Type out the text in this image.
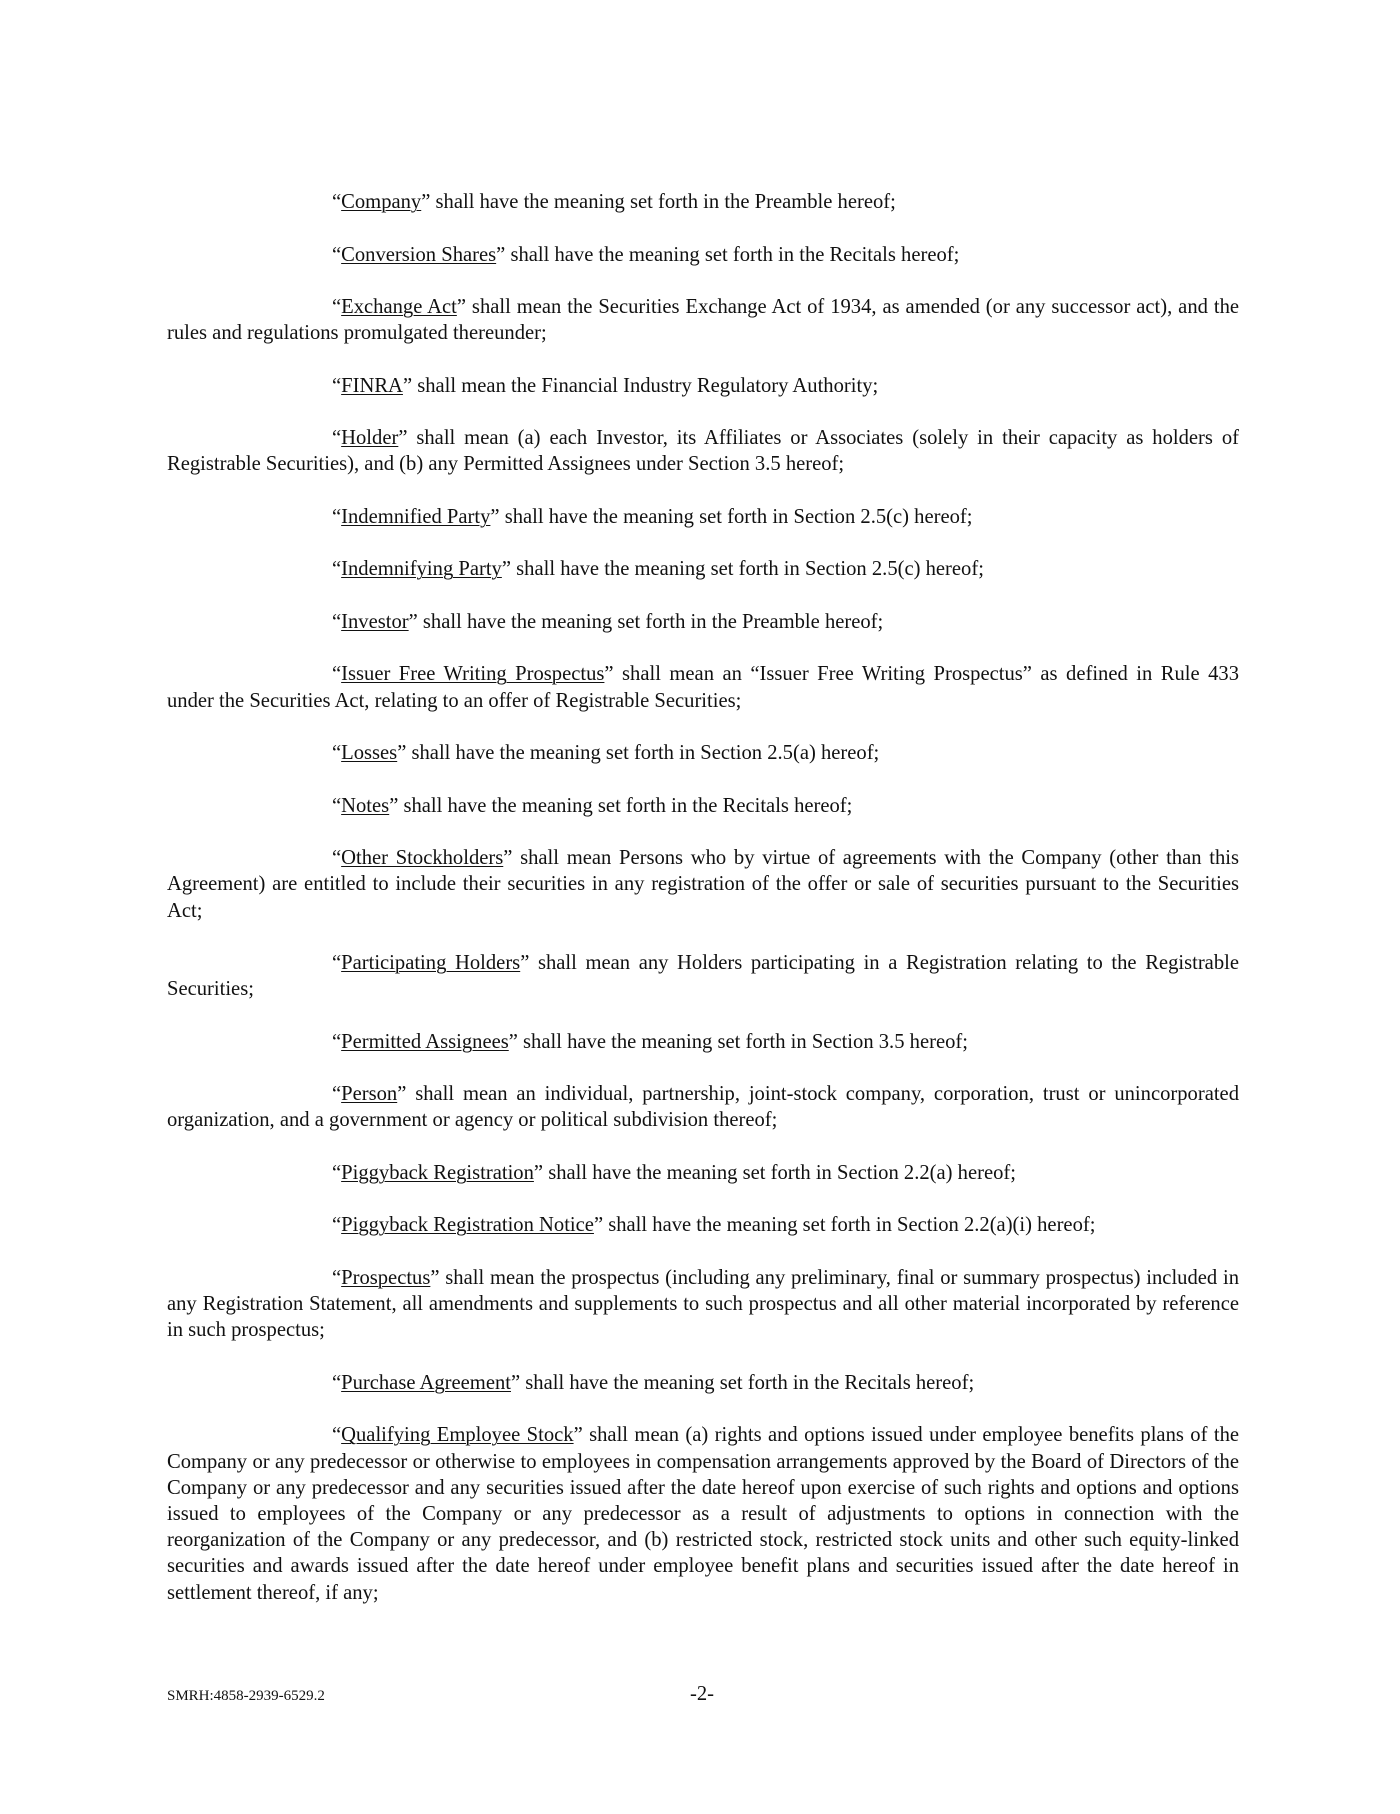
“Company” shall have the meaning set forth in the Preamble hereof;

“Conversion Shares” shall have the meaning set forth in the Recitals hereof;

“Exchange Act” shall mean the Securities Exchange Act of 1934, as amended (or any successor act), and the rules and regulations promulgated thereunder;

“FINRA” shall mean the Financial Industry Regulatory Authority;

“Holder” shall mean (a) each Investor, its Affiliates or Associates (solely in their capacity as holders of Registrable Securities), and (b) any Permitted Assignees under Section 3.5 hereof;

“Indemnified Party” shall have the meaning set forth in Section 2.5(c) hereof;

“Indemnifying Party” shall have the meaning set forth in Section 2.5(c) hereof;

“Investor” shall have the meaning set forth in the Preamble hereof;

“Issuer Free Writing Prospectus” shall mean an “Issuer Free Writing Prospectus” as defined in Rule 433 under the Securities Act, relating to an offer of Registrable Securities;

“Losses” shall have the meaning set forth in Section 2.5(a) hereof;

“Notes” shall have the meaning set forth in the Recitals hereof;

“Other Stockholders” shall mean Persons who by virtue of agreements with the Company (other than this Agreement) are entitled to include their securities in any registration of the offer or sale of securities pursuant to the Securities Act;

“Participating Holders” shall mean any Holders participating in a Registration relating to the Registrable Securities;

“Permitted Assignees” shall have the meaning set forth in Section 3.5 hereof;

“Person” shall mean an individual, partnership, joint-stock company, corporation, trust or unincorporated organization, and a government or agency or political subdivision thereof;

“Piggyback Registration” shall have the meaning set forth in Section 2.2(a) hereof;

“Piggyback Registration Notice” shall have the meaning set forth in Section 2.2(a)(i) hereof;

“Prospectus” shall mean the prospectus (including any preliminary, final or summary prospectus) included in any Registration Statement, all amendments and supplements to such prospectus and all other material incorporated by reference in such prospectus;

“Purchase Agreement” shall have the meaning set forth in the Recitals hereof;

“Qualifying Employee Stock” shall mean (a) rights and options issued under employee benefits plans of the Company or any predecessor or otherwise to employees in compensation arrangements approved by the Board of Directors of the Company or any predecessor and any securities issued after the date hereof upon exercise of such rights and options and options issued to employees of the Company or any predecessor as a result of adjustments to options in connection with the reorganization of the Company or any predecessor, and (b) restricted stock, restricted stock units and other such equity-linked securities and awards issued after the date hereof under employee benefit plans and securities issued after the date hereof in settlement thereof, if any;

SMRH:4858-2939-6529.2	-2-
